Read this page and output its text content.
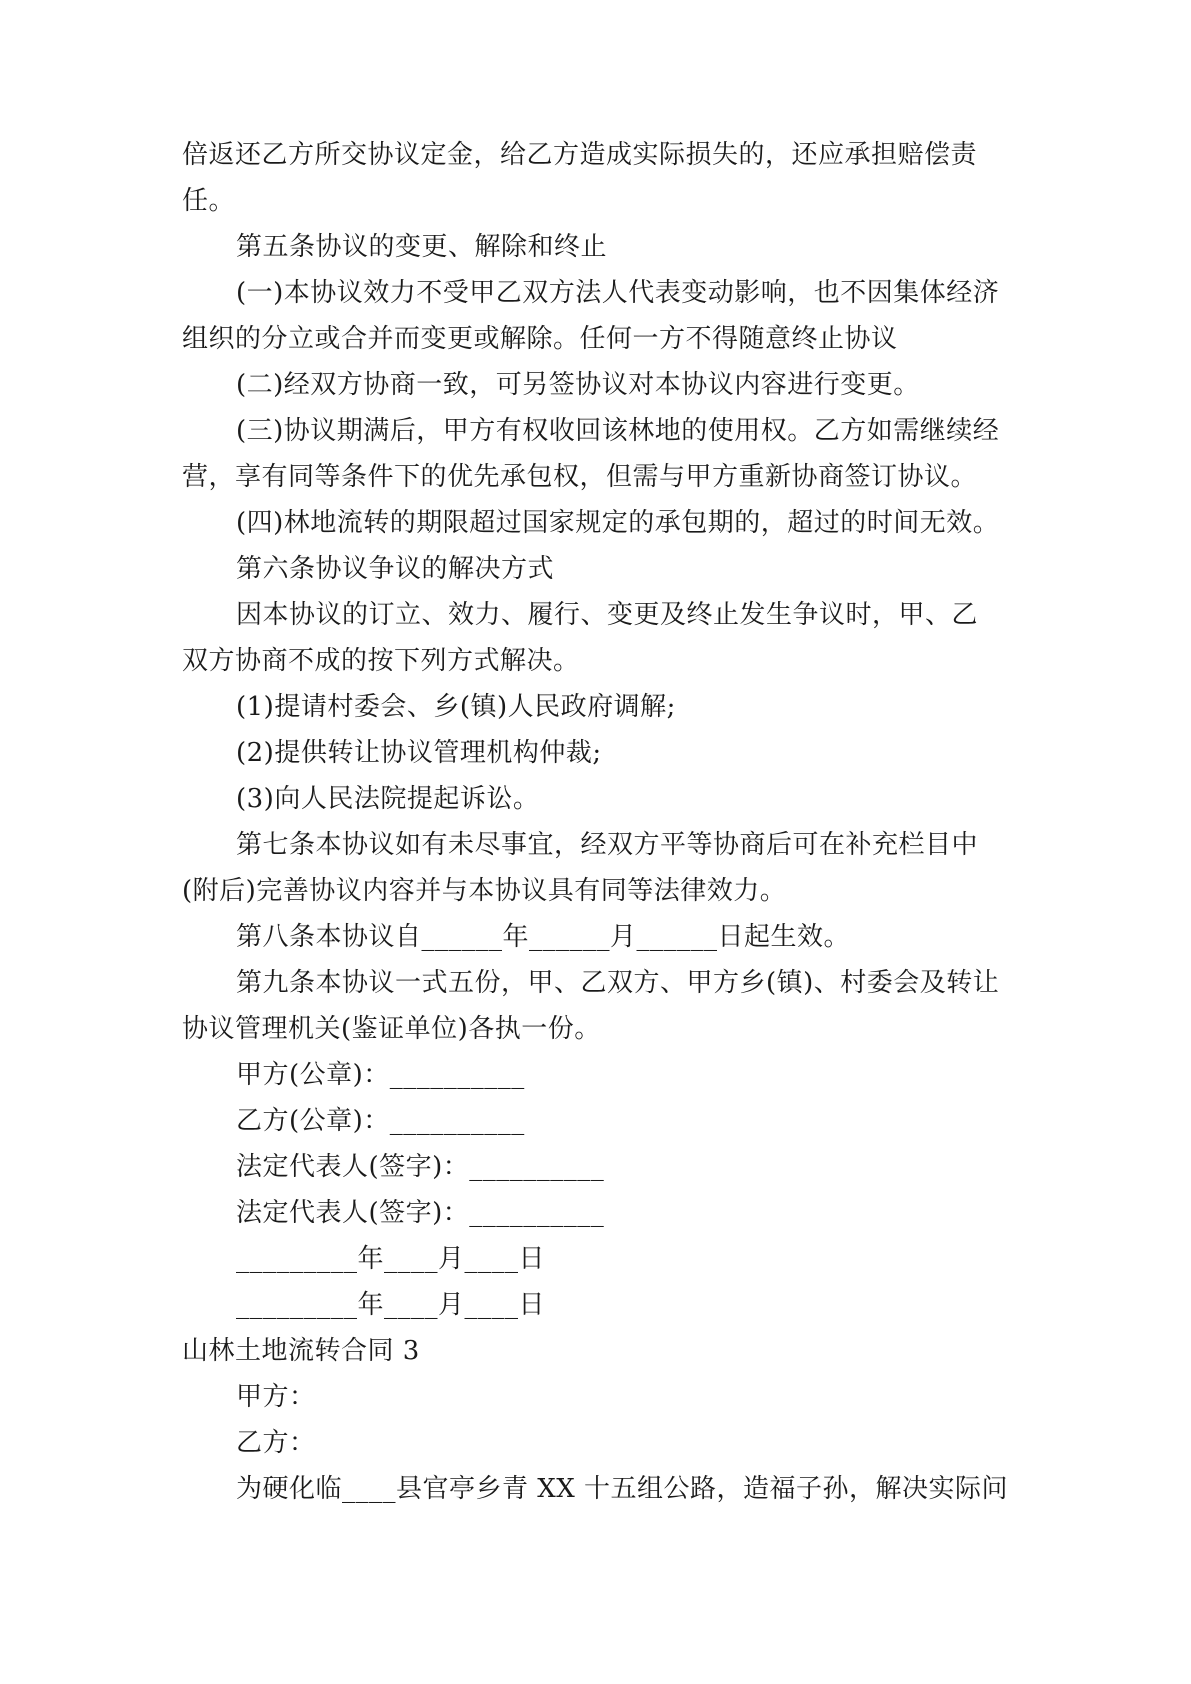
倍返还乙方所交协议定金，给乙方造成实际损失的，还应承担赔偿责
任。
第五条协议的变更、解除和终止
(一)本协议效力不受甲乙双方法人代表变动影响，也不因集体经济
组织的分立或合并而变更或解除。任何一方不得随意终止协议
(二)经双方协商一致，可另签协议对本协议内容进行变更。
(三)协议期满后，甲方有权收回该林地的使用权。乙方如需继续经
营，享有同等条件下的优先承包权，但需与甲方重新协商签订协议。
(四)林地流转的期限超过国家规定的承包期的，超过的时间无效。
第六条协议争议的解决方式
因本协议的订立、效力、履行、变更及终止发生争议时，甲、乙
双方协商不成的按下列方式解决。
(1)提请村委会、乡(镇)人民政府调解;
(2)提供转让协议管理机构仲裁;
(3)向人民法院提起诉讼。
第七条本协议如有未尽事宜，经双方平等协商后可在补充栏目中
(附后)完善协议内容并与本协议具有同等法律效力。
第八条本协议自______年______月______日起生效。
第九条本协议一式五份，甲、乙双方、甲方乡(镇)、村委会及转让
协议管理机关(鉴证单位)各执一份。
甲方(公章)：__________
乙方(公章)：__________
法定代表人(签字)：__________
法定代表人(签字)：__________
_________年____月____日
_________年____月____日
山林土地流转合同 3
甲方：
乙方：
为硬化临____县官亭乡青 XX 十五组公路，造福子孙，解决实际问
